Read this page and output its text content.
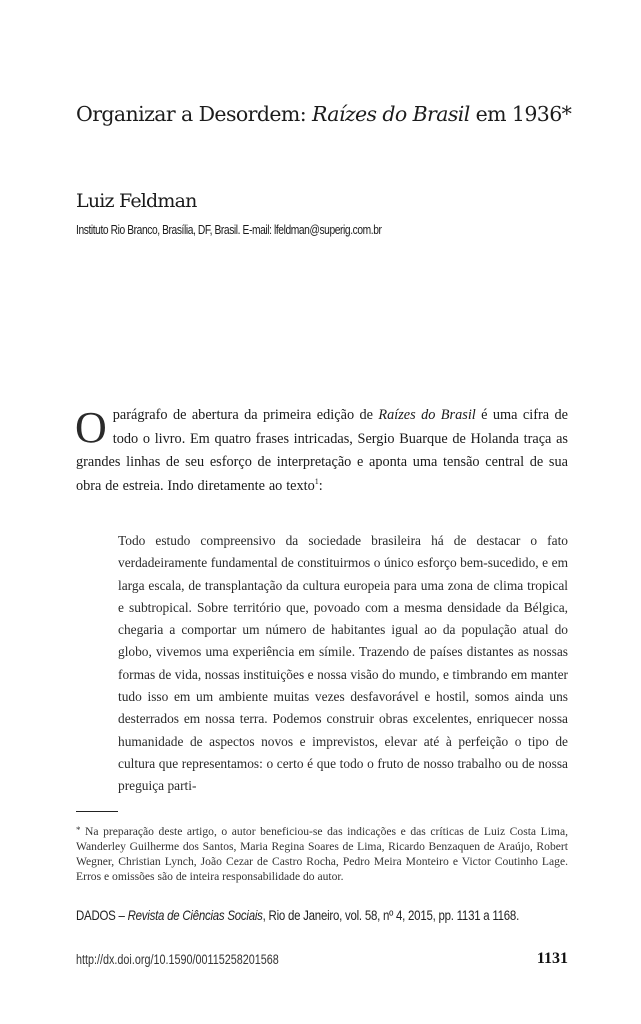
Organizar a Desordem: Raízes do Brasil em 1936*

Luiz Feldman

Instituto Rio Branco, Brasília, DF, Brasil. E-mail: lfeldman@superig.com.br

Oparágrafo de abertura da primeira edição de Raízes do Brasil é uma cifra de todo o livro. Em quatro frases intricadas, Sergio Buarque de Holanda traça as grandes linhas de seu esforço de interpretação e aponta uma tensão central de sua obra de estreia. Indo diretamente ao texto$^1$:

Todo estudo compreensivo da sociedade brasileira há de destacar o fato verdadeiramente fundamental de constituirmos o único esforço bem-sucedido, e em larga escala, de transplantação da cultura europeia para uma zona de clima tropical e subtropical. Sobre território que, povoado com a mesma densidade da Bélgica, chegaria a comportar um número de habitantes igual ao da população atual do globo, vivemos uma experiência em símile. Trazendo de países distantes as nossas formas de vida, nossas instituições e nossa visão do mundo, e timbrando em manter tudo isso em um ambiente muitas vezes desfavorável e hostil, somos ainda uns desterrados em nossa terra. Podemos construir obras excelentes, enriquecer nossa humanidade de aspectos novos e imprevistos, elevar até à perfeição o tipo de cultura que representamos: o certo é que todo o fruto de nosso trabalho ou de nossa preguiça parti-

* Na preparação deste artigo, o autor beneficiou-se das indicações e das críticas de Luiz Costa Lima, Wanderley Guilherme dos Santos, Maria Regina Soares de Lima, Ricardo Benzaquen de Araújo, Robert Wegner, Christian Lynch, João Cezar de Castro Rocha, Pedro Meira Monteiro e Victor Coutinho Lage. Erros e omissões são de inteira responsabilidade do autor.

DADOS – Revista de Ciências Sociais, Rio de Janeiro, vol. 58, nº 4, 2015, pp. 1131 a 1168.

http://dx.doi.org/10.1590/00115258201568	1131
